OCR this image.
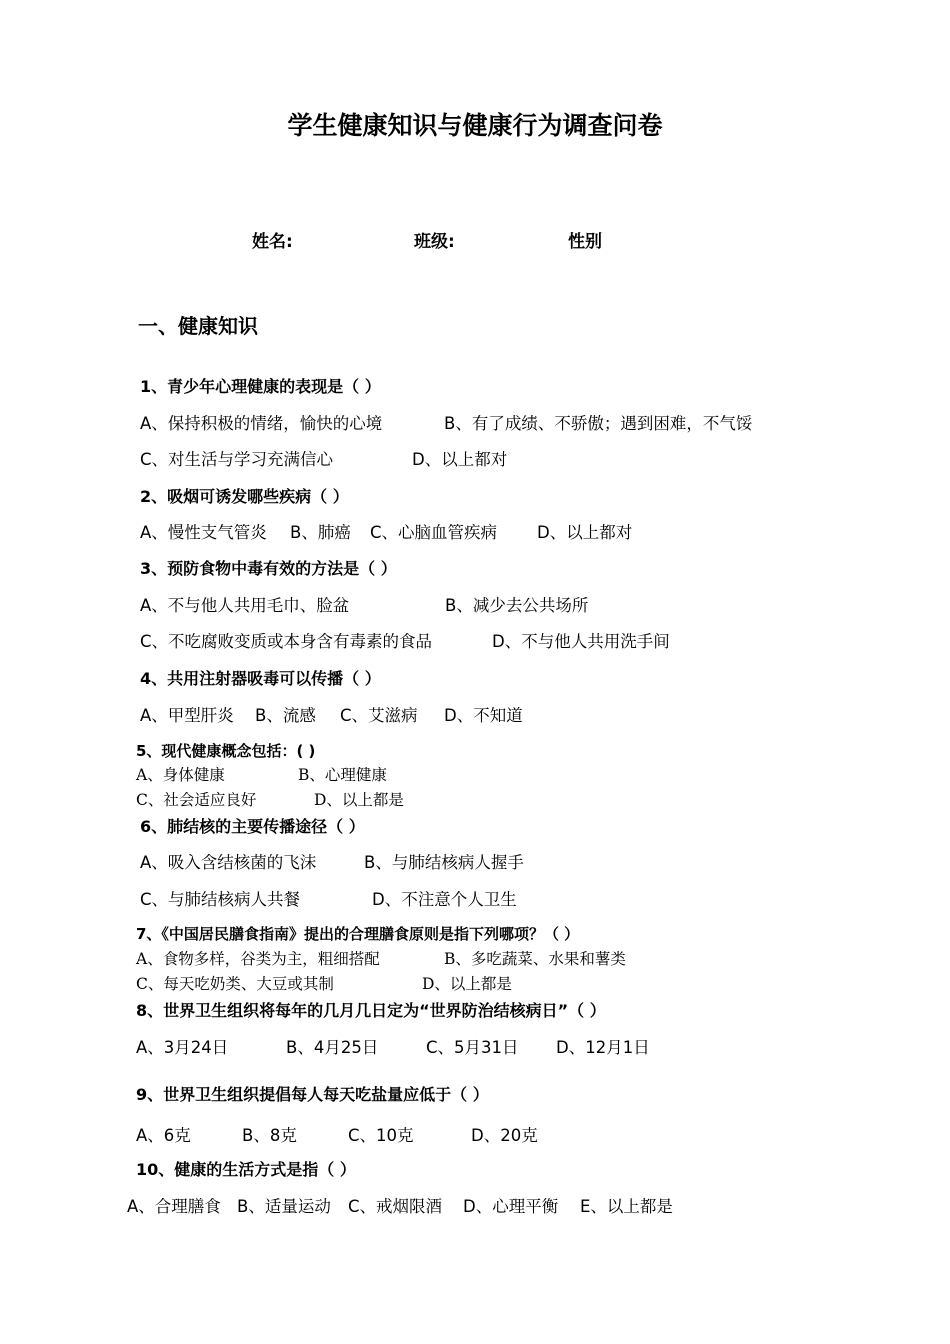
学生健康知识与健康行为调查问卷
姓名:	班级:	性别
一、健康知识
1、青少年心理健康的表现是（ ）
A、保持积极的情绪，愉快的心境	B、有了成绩、不骄傲；遇到困难，不气馁
C、对生活与学习充满信心	D、以上都对
2、吸烟可诱发哪些疾病（ ）
A、慢性支气管炎 B、肺癌 C、心脑血管疾病 D、以上都对
3、预防食物中毒有效的方法是（ ）
A、不与他人共用毛巾、脸盆	B、减少去公共场所
C、不吃腐败变质或本身含有毒素的食品	D、不与他人共用洗手间
4、共用注射器吸毒可以传播（ ）
A、甲型肝炎 B、流感 C、艾滋病 D、不知道
5、现代健康概念包括：( )
A、身体健康	B、心理健康
C、社会适应良好	D、以上都是
6、肺结核的主要传播途径（ ）
A、吸入含结核菌的飞沫	B、与肺结核病人握手
C、与肺结核病人共餐	D、不注意个人卫生
7、《中国居民膳食指南》提出的合理膳食原则是指下列哪项？（ ）
A、食物多样，谷类为主，粗细搭配	B、多吃蔬菜、水果和薯类
C、每天吃奶类、大豆或其制	D、以上都是
8、世界卫生组织将每年的几月几日定为“世界防治结核病日”（ ）
A、3月24日	B、4月25日	C、5月31日 D、12月1日
9、世界卫生组织提倡每人每天吃盐量应低于（ ）
A、6克	B、8克	C、10克	D、20克
10、健康的生活方式是指（ ）
A、合理膳食 B、适量运动 C、戒烟限酒 D、心理平衡 E、以上都是
